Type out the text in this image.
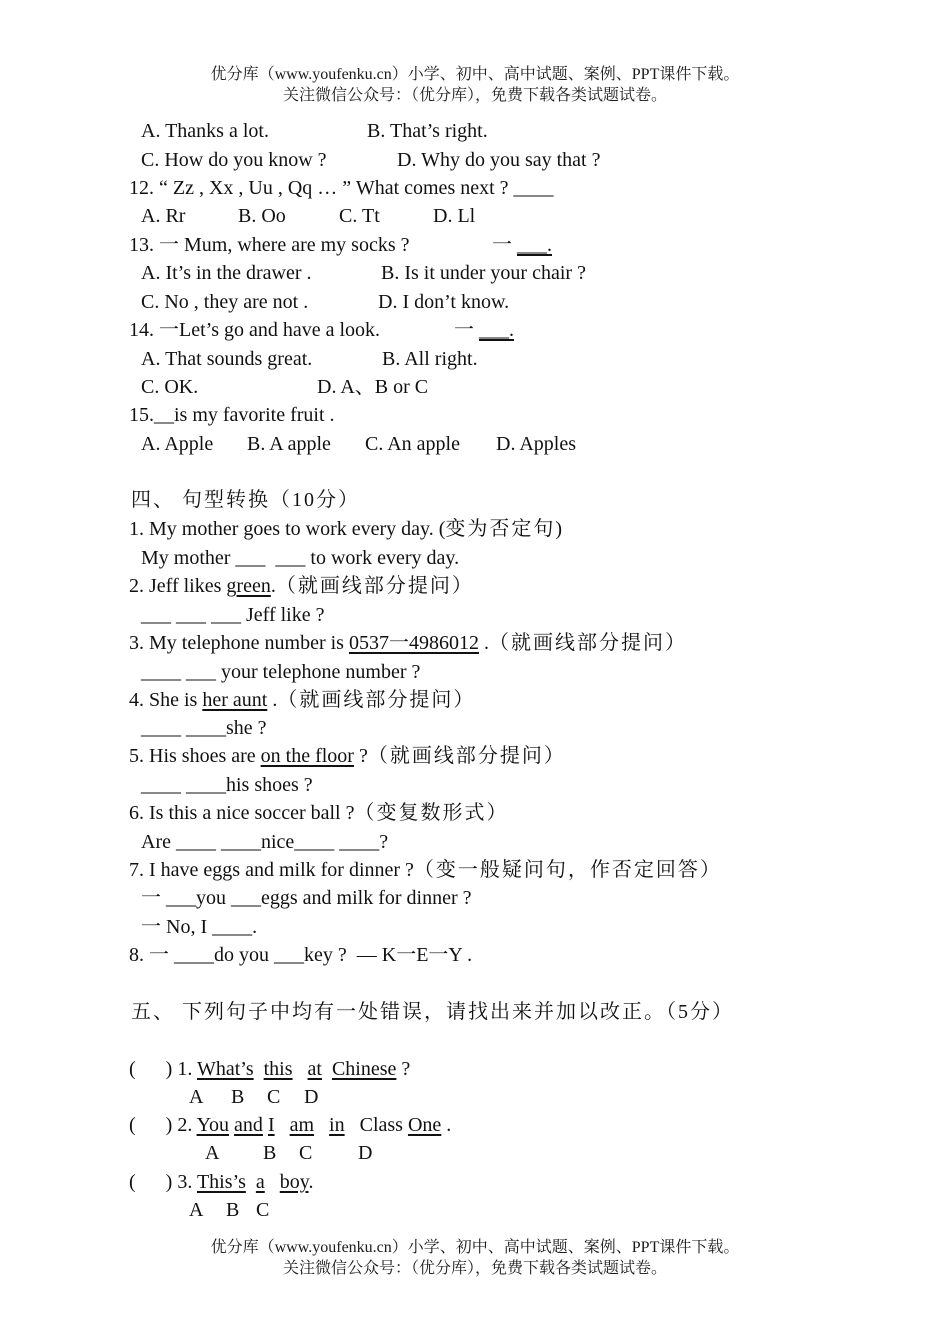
优分库（www.youfenku.cn）小学、初中、高中试题、案例、PPT课件下载。
关注微信公众号：（优分库），免费下载各类试题试卷。
A. Thanks a lot.	B. That’s right.
C. How do you know ?	D. Why do you say that ?
12. “ Zz , Xx , Uu , Qq … ” What comes next ? ____
A. Rr	B. Oo	C. Tt	D. Ll
13. 一 Mum, where are my socks ?	一 ___.
A. It’s in the drawer .	B. Is it under your chair ?
C. No , they are not .	D. I don’t know.
14. 一Let’s go and have a look.	一 ___.
A. That sounds great.	B. All right.
C. OK.	D. A、B or C
15.__is my favorite fruit .
A. Apple B. A apple C. An apple D. Apples
四、 句型转换（10分）
1. My mother goes to work every day. (变为否定句)
My mother ___  ___ to work every day.
2. Jeff likes green.（就画线部分提问）
___ ___ ___ Jeff like ?
3. My telephone number is 0537一4986012 .（就画线部分提问）
____ ___ your telephone number ?
4. She is her aunt .（就画线部分提问）
____ ____she ?
5. His shoes are on the floor ?（就画线部分提问）
____ ____his shoes ?
6. Is this a nice soccer ball ?（变复数形式）
Are ____ ____nice____ ____?
7. I have eggs and milk for dinner ?（变一般疑问句，作否定回答）
一 ___you ___eggs and milk for dinner ?
一 No, I ____.
8. 一 ____do you ___key ?  — K一E一Y .
五、 下列句子中均有一处错误，请找出来并加以改正。（5分）
(      ) 1. What’s this at Chinese ?
A B C D
(      ) 2. You and I am in Class One .
A B C D
(      ) 3. This’s a boy.
A B C
优分库（www.youfenku.cn）小学、初中、高中试题、案例、PPT课件下载。
关注微信公众号：（优分库），免费下载各类试题试卷。
